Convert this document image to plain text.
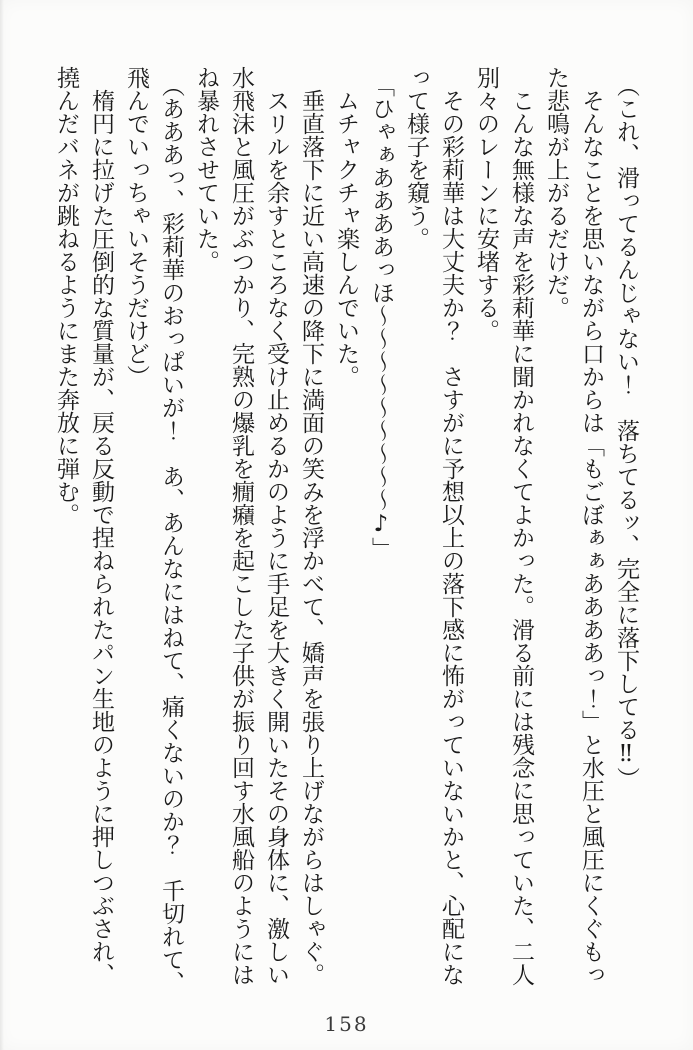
（これ、滑ってるんじゃない！　落ちてるッ、完全に落下してる‼）

そんなことを思いながら口からは「もごぼぁぁああああっ！」と水圧と風圧にくぐもった悲鳴が上がるだけだ。

こんな無様な声を彩莉華に聞かれなくてよかった。滑る前には残念に思っていた、二人別々のレーンに安堵する。

その彩莉華は大丈夫か？　さすがに予想以上の落下感に怖がっていないかと、心配になって様子を窺う。

「ひゃぁああああっほ〜〜〜〜〜〜〜〜〜♪」

ムチャクチャ楽しんでいた。

垂直落下に近い高速の降下に満面の笑みを浮かべて、嬌声を張り上げながらはしゃぐ。

スリルを余すところなく受け止めるかのように手足を大きく開いたその身体に、激しい水飛沫と風圧がぶつかり、完熟の爆乳を癇癪を起こした子供が振り回す水風船のようにはね暴れさせていた。

（あああっ、彩莉華のおっぱいが！　あ、あんなにはねて、痛くないのか？　千切れて、飛んでいっちゃいそうだけど）

楕円に拉げた圧倒的な質量が、戻る反動で捏ねられたパン生地のように押しつぶされ、撓んだバネが跳ねるようにまた奔放に弾む。

158
